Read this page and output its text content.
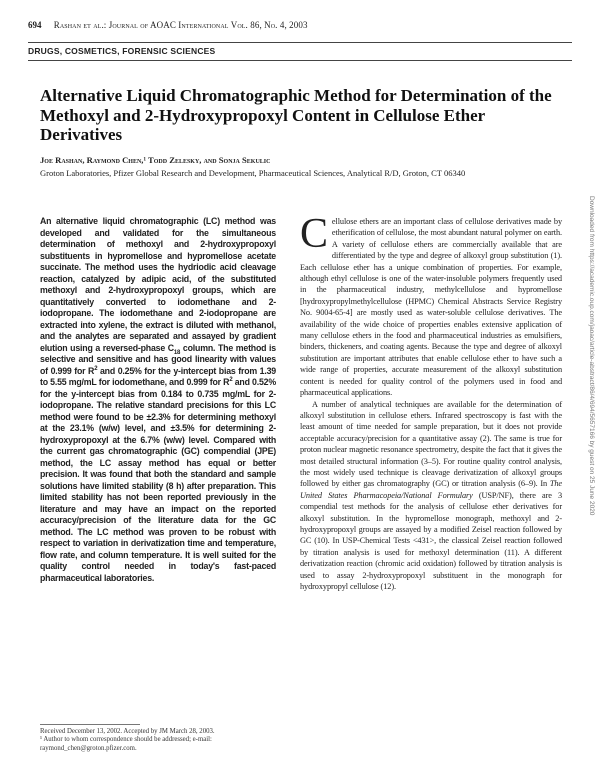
694 Rashan et al.: Journal of AOAC International Vol. 86, No. 4, 2003
DRUGS, COSMETICS, FORENSIC SCIENCES
Alternative Liquid Chromatographic Method for Determination of the Methoxyl and 2-Hydroxypropoxyl Content in Cellulose Ether Derivatives

Joe Rashan, Raymond Chen,¹ Todd Zelesky, and Sonja Sekulic

Groton Laboratories, Pfizer Global Research and Development, Pharmaceutical Sciences, Analytical R/D, Groton, CT 06340

An alternative liquid chromatographic (LC) method was developed and validated for the simultaneous determination of methoxyl and 2-hydroxypropoxyl substituents in hypromellose and hypromellose acetate succinate. The method uses the hydriodic acid cleavage reaction, catalyzed by adipic acid, of the substituted methoxyl and 2-hydroxypropoxyl groups, which are quantitatively converted to iodomethane and 2-iodopropane. The iodomethane and 2-iodopropane are extracted into xylene, the extract is diluted with methanol, and the analytes are separated and assayed by gradient elution using a reversed-phase $C_{18}$ column. The method is selective and sensitive and has good linearity with values of 0.999 for $R^2$ and 0.25% for the y-intercept bias from 1.39 to 5.55 mg/mL for iodomethane, and 0.999 for $R^2$ and 0.52% for the y-intercept bias from 0.184 to 0.735 mg/mL for 2-iodopropane. The relative standard precisions for this LC method were found to be ±2.3% for determining methoxyl at the 23.1% (w/w) level, and ±3.5% for determining 2-hydroxypropoxyl at the 6.7% (w/w) level. Compared with the current gas chromatographic (GC) compendial (JPE) method, the LC assay method has equal or better precision. It was found that both the standard and sample solutions have limited stability (8 h) after preparation. This limited stability has not been reported previously in the literature and may have an impact on the reported accuracy/precision of the literature data for the GC method. The LC method was proven to be robust with respect to variation in derivatization time and temperature, flow rate, and column temperature. It is well suited for the quality control needed in today's fast-paced pharmaceutical laboratories.

Received December 13, 2002. Accepted by JM March 28, 2003.

¹ Author to whom correspondence should be addressed; e-mail: raymond_chen@groton.pfizer.com.

Cellulose ethers are an important class of cellulose derivatives made by etherification of cellulose, the most abundant natural polymer on earth. A variety of cellulose ethers are commercially available that are differentiated by the type and degree of alkoxyl group substitution (1). Each cellulose ether has a unique combination of properties. For example, although ethyl cellulose is one of the water-insoluble polymers frequently used in the pharmaceutical industry, methylcellulose and hypromellose [hydroxypropylmethylcellulose (HPMC) Chemical Abstracts Service Registry No. 9004-65-4] are mostly used as water-soluble cellulose derivatives. The availability of the wide choice of properties enables extensive application of many cellulose ethers in the food and pharmaceutical industries as emulsifiers, binders, thickeners, and coating agents. Because the type and degree of alkoxyl substitution are important attributes that enable cellulose ether to have such a wide range of properties, accurate measurement of the alkoxyl substitution content is needed for quality control of the polymers used in food and pharmaceutical applications.

A number of analytical techniques are available for the determination of alkoxyl substitution in cellulose ethers. Infrared spectroscopy is fast with the least amount of time needed for sample preparation, but it does not provide acceptable accuracy/precision for a quantitative assay (2). The same is true for proton nuclear magnetic resonance spectrometry, despite the fact that it gives the most detailed structural information (3–5). For routine quality control analysis, the most widely used technique is cleavage derivatization of alkoxyl groups followed by either gas chromatography (GC) or titration analysis (6–9). In The United States Pharmacopeia/National Formulary (USP/NF), there are 3 compendial test methods for the analysis of cellulose ether derivatives for alkoxyl substitution. In the hypromellose monograph, methoxyl and 2-hydroxypropoxyl groups are assayed by a modified Zeisel reaction followed by GC (10). In USP-Chemical Tests <431>, the classical Zeisel reaction followed by titration analysis is used for methoxyl determination (11). A different derivatization reaction (chromic acid oxidation) followed by titration analysis is used to assay 2-hydroxypropoxyl substituent in the monograph for hydroxypropyl cellulose (12).

Downloaded from https://academic.oup.com/jaoac/article-abstract/86/4/694/5657166 by guest on 25 June 2020
